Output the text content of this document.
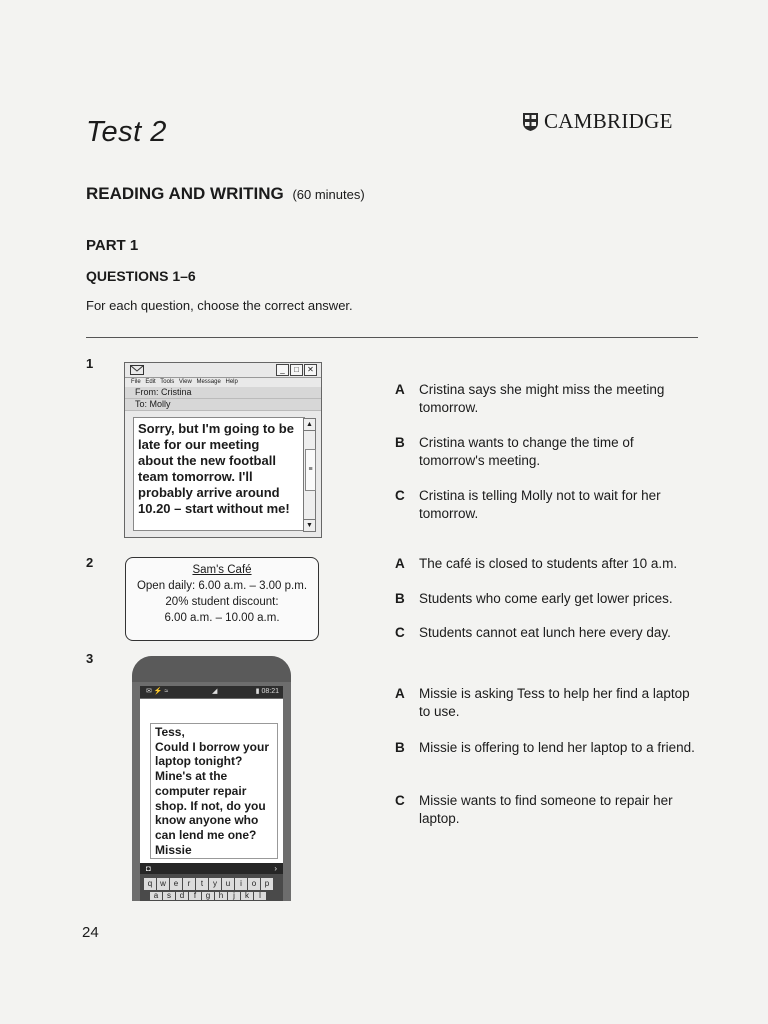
Test 2	CAMBRIDGE
READING AND WRITING (60 minutes)
PART 1
QUESTIONS 1–6
For each question, choose the correct answer.
1	_	□	✕
File Edit Tools View Message Help
From: Cristina
To: Molly
Sorry, but I'm going to be late for our meeting about the new football team tomorrow. I'll probably arrive around 10.20 – start without me!
▲
≡
▼
A	Cristina says she might miss the meeting tomorrow.
B	Cristina wants to change the time of tomorrow's meeting.
C	Cristina is telling Molly not to wait for her tomorrow.
2	Sam's Café
Open daily: 6.00 a.m. – 3.00 p.m.
20% student discount:
6.00 a.m. – 10.00 a.m.
A	The café is closed to students after 10 a.m.
B	Students who come early get lower prices.
C	Students cannot eat lunch here every day.
3
✉ ⚡ ≈	◢	▮ 08:21
Tess,
Could I borrow your laptop tonight? Mine's at the computer repair shop. If not, do you know anyone who can lend me one?
Missie
◘	›
q w e	r	t	y	u	i	o	p
a	s	d	f	g	h	j	k	l
A	Missie is asking Tess to help her find a laptop to use.
B	Missie is offering to lend her laptop to a friend.
C	Missie wants to find someone to repair her laptop.
24
